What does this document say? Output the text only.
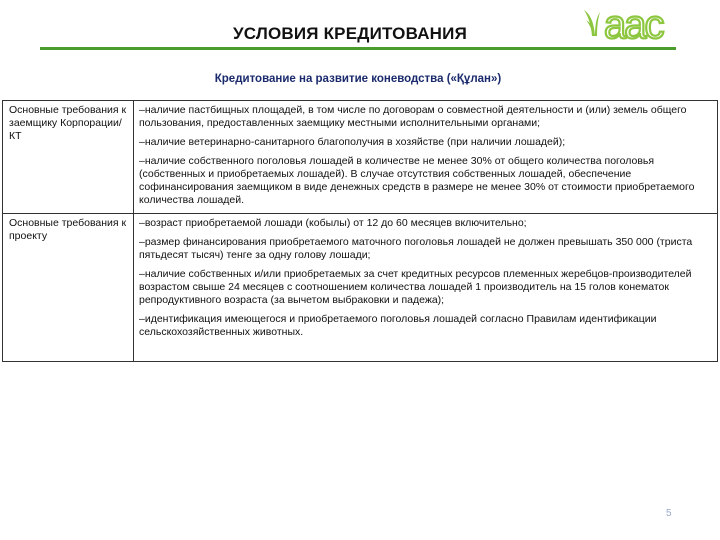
УСЛОВИЯ КРЕДИТОВАНИЯ	аас
Кредитование на развитие коневодства («Құлан»)
Основные требования к заемщику Корпорации/ КТ	–наличие пастбищных площадей, в том числе по договорам о совместной деятельности и (или) земель общего пользования, предоставленных заемщику местными исполнительными органами;
–наличие ветеринарно-санитарного благополучия в хозяйстве (при наличии лошадей);
–наличие собственного поголовья лошадей в количестве не менее 30% от общего количества поголовья (собственных и приобретаемых лошадей). В случае отсутствия собственных лошадей, обеспечение софинансирования заемщиком в виде денежных средств в размере не менее 30% от стоимости приобретаемого количества лошадей.

Основные требования к проекту	–возраст приобретаемой лошади (кобылы) от 12 до 60 месяцев включительно;
–размер финансирования приобретаемого маточного поголовья лошадей не должен превышать 350 000 (триста пятьдесят тысяч) тенге за одну голову лошади;
–наличие собственных и/или приобретаемых за счет кредитных ресурсов племенных жеребцов-производителей возрастом свыше 24 месяцев с соотношением количества лошадей 1 производитель на 15 голов конематок репродуктивного возраста (за вычетом выбраковки и падежа);
–идентификация имеющегося и приобретаемого поголовья лошадей согласно Правилам идентификации сельскохозяйственных животных.
5
